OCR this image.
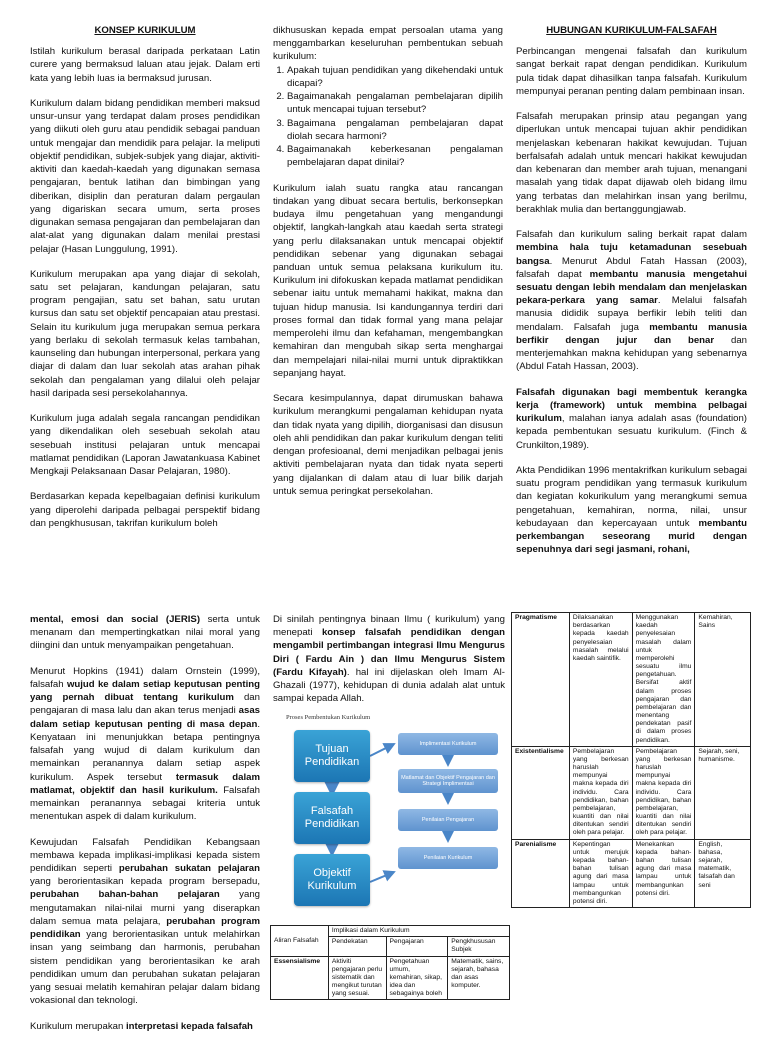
KONSEP KURIKULUM

Istilah kurikulum berasal daripada perkataan Latin curere yang bermaksud laluan atau jejak. Dalam erti kata yang lebih luas ia bermaksud jurusan.

Kurikulum dalam bidang pendidikan memberi maksud unsur-unsur yang terdapat dalam proses pendidikan yang diikuti oleh guru atau pendidik sebagai panduan untuk mengajar dan mendidik para pelajar. Ia meliputi objektif pendidikan, subjek-subjek yang diajar, aktiviti-aktiviti dan kaedah-kaedah yang digunakan semasa pengajaran, bentuk latihan dan bimbingan yang diberikan, disiplin dan peraturan dalam pergaulan yang digariskan secara umum, serta proses digunakan semasa pengajaran dan pembelajaran dan alat-alat yang digunakan dalam menilai prestasi pelajar (Hasan Lunggulung, 1991).

Kurikulum merupakan apa yang diajar di sekolah, satu set pelajaran, kandungan pelajaran, satu program pengajian, satu set bahan, satu urutan kursus dan satu set objektif pencapaian atau prestasi. Selain itu kurikulum juga merupakan semua perkara yang berlaku di sekolah termasuk kelas tambahan, kaunseling dan hubungan interpersonal, perkara yang diajar di dalam dan luar sekolah atas arahan pihak sekolah dan pengalaman yang dilalui oleh pelajar hasil daripada sesi persekolahannya.

Kurikulum juga adalah segala rancangan pendidikan yang dikendalikan oleh sesebuah sekolah atau sesebuah institusi pelajaran untuk mencapai matlamat pendidikan (Laporan Jawatankuasa Kabinet Mengkaji Pelaksanaan Dasar Pelajaran, 1980).

Berdasarkan kepada kepelbagaian definisi kurikulum yang diperolehi daripada pelbagai perspektif bidang dan pengkhususan, takrifan kurikulum boleh

dikhususkan kepada empat persoalan utama yang menggambarkan keseluruhan pembentukan sebuah kurikulum:

1. Apakah tujuan pendidikan yang dikehendaki untuk dicapai?
2. Bagaimanakah pengalaman pembelajaran dipilih untuk mencapai tujuan tersebut?
3. Bagaimana pengalaman pembelajaran dapat diolah secara harmoni?
4. Bagaimanakah keberkesanan pengalaman pembelajaran dapat dinilai?

Kurikulum ialah suatu rangka atau rancangan tindakan yang dibuat secara bertulis, berkonsepkan budaya ilmu pengetahuan yang mengandungi objektif, langkah-langkah atau kaedah serta strategi yang perlu dilaksanakan untuk mencapai objektif pendidikan sebenar yang digunakan sebagai panduan untuk semua pelaksana kurikulum itu. Kurikulum ini difokuskan kepada matlamat pendidikan sebenar iaitu untuk memahami hakikat, makna dan tujuan hidup manusia. Isi kandungannya terdiri dari proses formal dan tidak formal yang mana pelajar memperolehi ilmu dan kefahaman, mengembangkan kemahiran dan mengubah sikap serta menghargai dan mempelajari nilai-nilai murni untuk dipraktikkan sepanjang hayat.

Secara kesimpulannya, dapat dirumuskan bahawa kurikulum merangkumi pengalaman kehidupan nyata dan tidak nyata yang dipilih, diorganisasi dan disusun oleh ahli pendidikan dan pakar kurikulum dengan teliti dengan profesioanal, demi menjadikan pelbagai jenis aktiviti pembelajaran nyata dan tidak nyata seperti yang dijalankan di dalam atau di luar bilik darjah untuk semua peringkat persekolahan.

HUBUNGAN KURIKULUM-FALSAFAH

Perbincangan mengenai falsafah dan kurikulum sangat berkait rapat dengan pendidikan. Kurikulum pula tidak dapat dihasilkan tanpa falsafah. Kurikulum mempunyai peranan penting dalam pembinaan insan.

Falsafah merupakan prinsip atau pegangan yang diperlukan untuk mencapai tujuan akhir pendidikan menjelaskan kebenaran hakikat kewujudan. Tujuan berfalsafah adalah untuk mencari hakikat kewujudan dan kebenaran dan member arah tujuan, menangani masalah yang tidak dapat dijawab oleh bidang ilmu yang terbatas dan melahirkan insan yang berilmu, berakhlak mulia dan bertanggungjawab.

Falsafah dan kurikulum saling berkait rapat dalam membina hala tuju ketamadunan sesebuah bangsa. Menurut Abdul Fatah Hassan (2003), falsafah dapat membantu manusia mengetahui sesuatu dengan lebih mendalam dan menjelaskan pekara-perkara yang samar. Melalui falsafah manusia dididik supaya berfikir lebih teliti dan mendalam. Falsafah juga membantu manusia berfikir dengan jujur dan benar dan menterjemahkan makna kehidupan yang sebenarnya (Abdul Fatah Hassan, 2003).

Falsafah digunakan bagi membentuk kerangka kerja (framework) untuk membina pelbagai kurikulum, malahan ianya adalah asas (foundation) kepada pembentukan sesuatu kurikulum. (Finch & Crunkilton,1989).

Akta Pendidikan 1996 mentakrifkan kurikulum sebagai suatu program pendidikan yang termasuk kurikulum dan kegiatan kokurikulum yang merangkumi semua pengetahuan, kemahiran, norma, nilai, unsur kebudayaan dan kepercayaan untuk membantu perkembangan seseorang murid dengan sepenuhnya dari segi jasmani, rohani,

mental, emosi dan social (JERIS) serta untuk menanam dan mempertingkatkan nilai moral yang diingini dan untuk menyampaikan pengetahuan.

Menurut Hopkins (1941) dalam Ornstein (1999), falsafah wujud ke dalam setiap keputusan penting yang pernah dibuat tentang kurikulum dan pengajaran di masa lalu dan akan terus menjadi asas dalam setiap keputusan penting di masa depan. Kenyataan ini menunjukkan betapa pentingnya falsafah yang wujud di dalam kurikulum dan memainkan peranannya dalam setiap aspek kurikulum. Aspek tersebut termasuk dalam matlamat, objektif dan hasil kurikulum. Falsafah memainkan peranannya sebagai kriteria untuk menentukan aspek di dalam kurikulum.

Kewujudan Falsafah Pendidikan Kebangsaan membawa kepada implikasi-implikasi kepada sistem pendidikan seperti perubahan sukatan pelajaran yang berorientasikan kepada program bersepadu, perubahan bahan-bahan pelajaran yang mengutamakan nilai-nilai murni yang diserapkan dalam semua mata pelajara, perubahan program pendidikan yang berorientasikan untuk melahirkan insan yang seimbang dan harmonis, perubahan sistem pendidikan yang berorientasikan ke arah pendidikan umum dan perubahan sukatan pelajaran yang sesuai melatih kemahiran pelajar dalam bidang vokasional dan teknologi.

Kurikulum merupakan interpretasi kepada falsafah

Di sinilah pentingnya binaan Ilmu ( kurikulum) yang menepati konsep falsafah pendidikan dengan mengambil pertimbangan integrasi Ilmu Mengurus Diri ( Fardu Ain ) dan Ilmu Mengurus Sistem (Fardu Kifayah). hal ini dijelaskan oleh Imam Al-Ghazali (1977), kehidupan di dunia adalah alat untuk sampai kepada Allah.

Proses Pembentukan Kurikulum
Tujuan Pendidikan
Falsafah Pendidikan
Objektif Kurikulum
Implimentasi Kurikulum
Matlamat dan Objektif Pengajaran dan Strategi Implimentasi
Penilaian Pengajaran
Penilaian Kurikulum
Pragmatisme	Dilaksanakan berdasarkan kepada kaedah penyelesaian masalah melalui kaedah saintifik.	Menggunakan kaedah penyelesaian masalah dalam untuk memperolehi sesuatu ilmu pengetahuan. Bersifat aktif dalam proses pengajaran dan pembelajaran dan menentang pendekatan pasif di dalam proses pendidikan.	Kemahiran, Sains
Existentialisme	Pembelajaran yang berkesan haruslah mempunyai makna kepada diri individu. Cara pendidikan, bahan pembelajaran, kuantiti dan nilai ditentukan sendiri oleh para pelajar.	Pembelajaran yang berkesan haruslah mempunyai makna kepada diri individu. Cara pendidikan, bahan pembelajaran, kuantiti dan nilai ditentukan sendiri oleh para pelajar.	Sejarah, seni, humanisme.
Parenialisme	Kepentingan untuk merujuk kepada bahan-bahan tulisan agung dari masa lampau untuk membangunkan potensi diri.	Menekankan kepada bahan-bahan tulisan agung dari masa lampau untuk membangunkan potensi diri.	English, bahasa, sejarah, matematik, falsafah dan seni
Aliran Falsafah	Implikasi dalam Kurikulum		
	Pendekatan	Pengajaran	Pengkhususan Subjek
Essensialisme	Aktiviti pengajaran perlu sistematik dan mengikut turutan yang sesuai.	Pengetahuan umum, kemahiran, sikap, idea dan sebagainya boleh	Matematik, sains, sejarah, bahasa dan asas komputer.
